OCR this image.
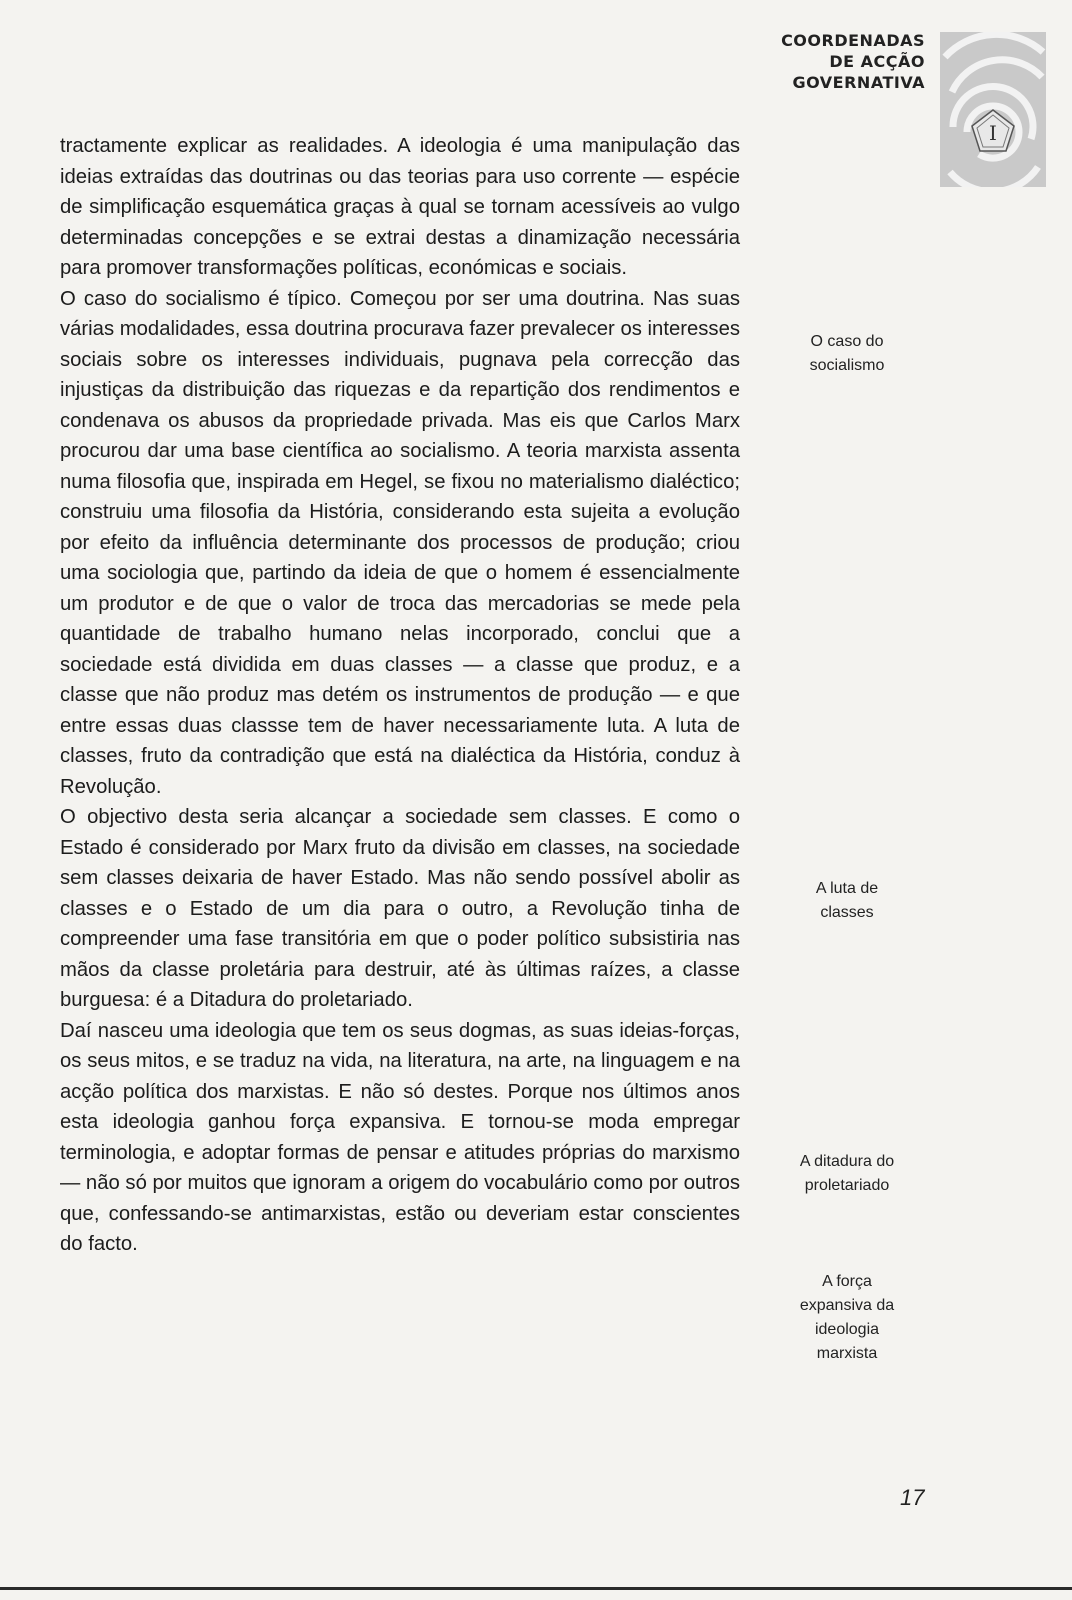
COORDENADAS
DE ACÇÃO
GOVERNATIVA
I

tractamente explicar as realidades. A ideologia é uma manipulação das ideias extraídas das doutrinas ou das teorias para uso corrente — espécie de simplificação esquemática graças à qual se tornam acessíveis ao vulgo determinadas concepções e se extrai destas a dinamização necessária para promover transformações políticas, económicas e sociais.

O caso do socialismo é típico. Começou por ser uma doutrina. Nas suas várias modalidades, essa doutrina procurava fazer prevalecer os interesses sociais sobre os interesses individuais, pugnava pela correcção das injustiças da distribuição das riquezas e da repartição dos rendimentos e condenava os abusos da propriedade privada. Mas eis que Carlos Marx procurou dar uma base científica ao socialismo. A teoria marxista assenta numa filosofia que, inspirada em Hegel, se fixou no materialismo dialéctico; construiu uma filosofia da História, considerando esta sujeita a evolução por efeito da influência determinante dos processos de produção; criou uma sociologia que, partindo da ideia de que o homem é essencialmente um produtor e de que o valor de troca das mercadorias se mede pela quantidade de trabalho humano nelas incorporado, conclui que a sociedade está dividida em duas classes — a classe que produz, e a classe que não produz mas detém os instrumentos de produção — e que entre essas duas classse tem de haver necessariamente luta. A luta de classes, fruto da contradição que está na dialéctica da História, conduz à Revolução.

O objectivo desta seria alcançar a sociedade sem classes. E como o Estado é considerado por Marx fruto da divisão em classes, na sociedade sem classes deixaria de haver Estado. Mas não sendo possível abolir as classes e o Estado de um dia para o outro, a Revolução tinha de compreender uma fase transitória em que o poder político subsistiria nas mãos da classe proletária para destruir, até às últimas raízes, a classe burguesa: é a Ditadura do proletariado.

Daí nasceu uma ideologia que tem os seus dogmas, as suas ideias-forças, os seus mitos, e se traduz na vida, na literatura, na arte, na linguagem e na acção política dos marxistas. E não só destes. Porque nos últimos anos esta ideologia ganhou força expansiva. E tornou-se moda empregar terminologia, e adoptar formas de pensar e atitudes próprias do marxismo — não só por muitos que ignoram a origem do vocabulário como por outros que, confessando-se antimarxistas, estão ou deveriam estar conscientes do facto.

O caso do
socialismo
A luta de
classes
A ditadura do
proletariado
A força
expansiva da
ideologia
marxista
17
